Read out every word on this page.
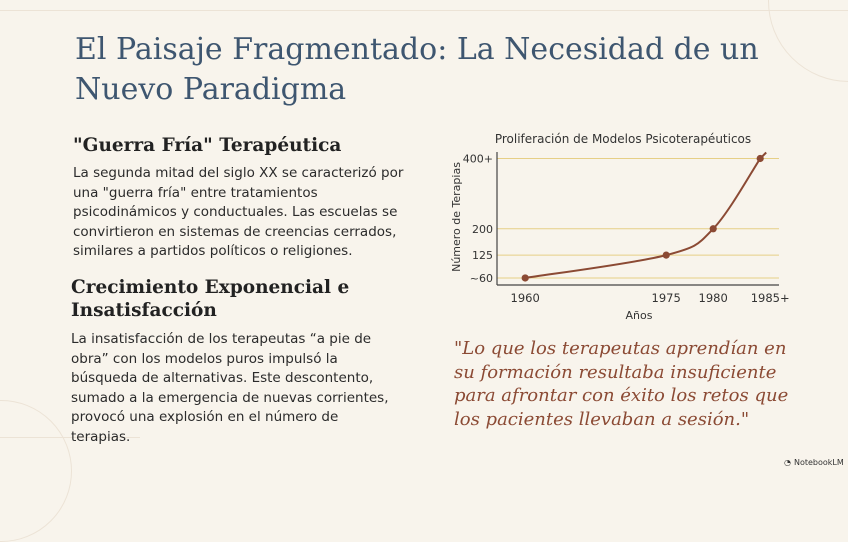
El Paisaje Fragmentado: La Necesidad de un Nuevo Paradigma
"Guerra Fría" Terapéutica

La segunda mitad del siglo XX se caracterizó por una "guerra fría" entre tratamientos psicodinámicos y conductuales. Las escuelas se convirtieron en sistemas de creencias cerrados, similares a partidos políticos o religiones.

Crecimiento Exponencial e Insatisfacción

La insatisfacción de los terapeutas “a pie de obra” con los modelos puros impulsó la búsqueda de alternativas. Este descontento, sumado a la emergencia de nuevas corrientes, provocó una explosión en el número de terapias.

Proliferación de Modelos Psicoterapéuticos
~60
125
200
400+
1960	1975 1980 1985+
Años
Número de Terapias

"Lo que los terapeutas aprendían en su formación resultaba insuficiente para afrontar con éxito los retos que los pacientes llevaban a sesión."

◔ NotebookLM
